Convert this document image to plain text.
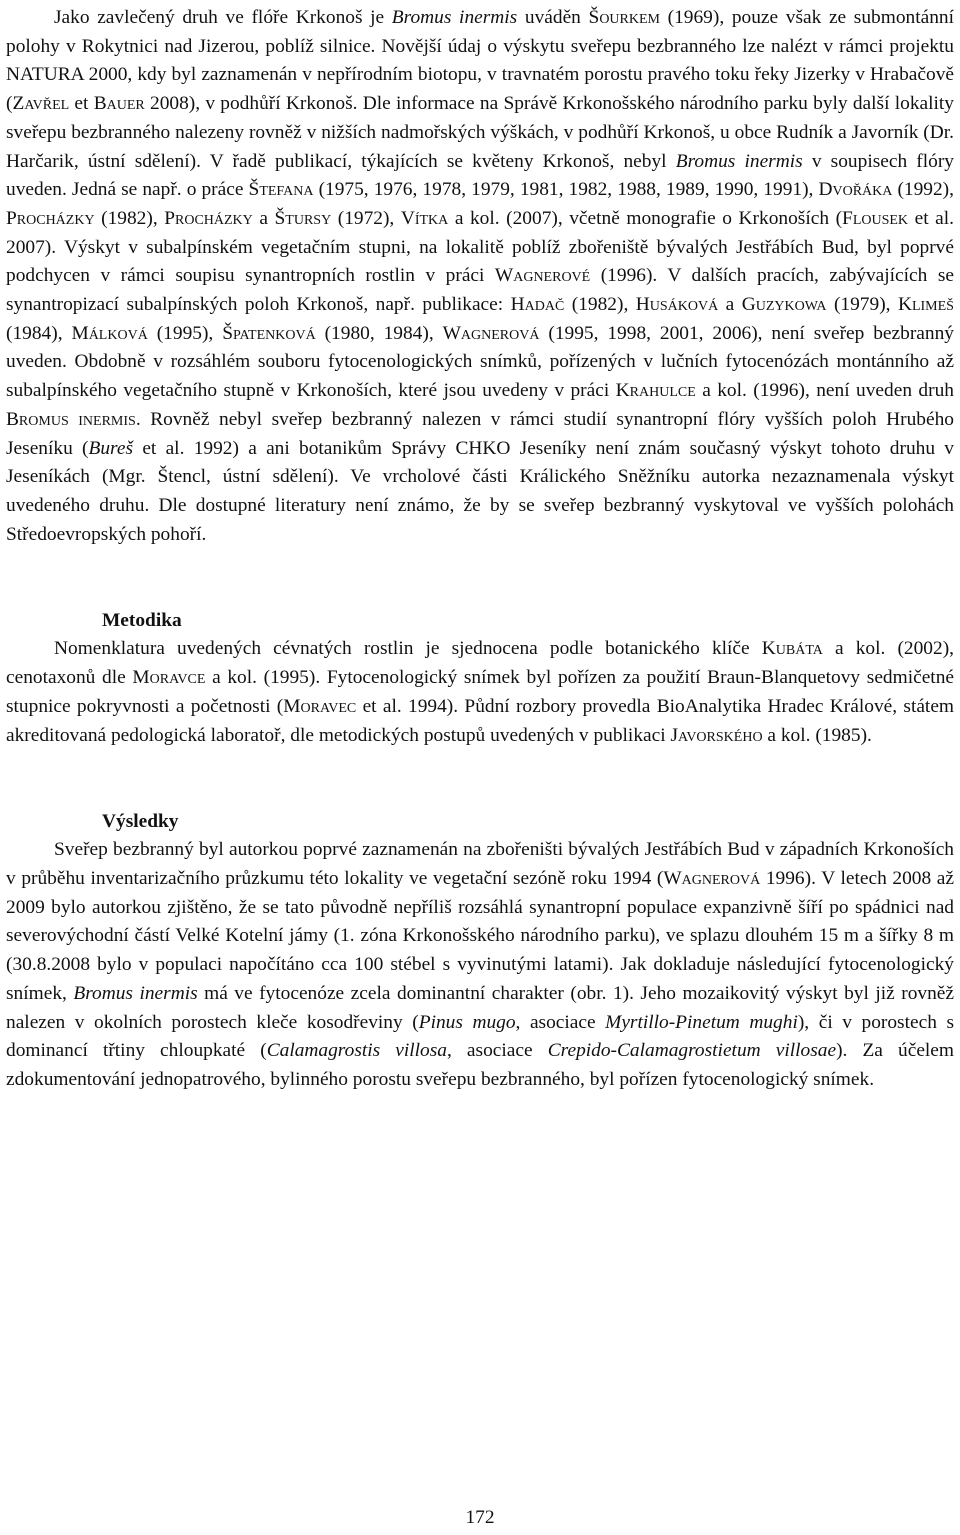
Jako zavlečený druh ve flóře Krkonoš je Bromus inermis uváděn Šourkem (1969), pouze však ze submontánní polohy v Rokytnici nad Jizerou, poblíž silnice. Novější údaj o výskytu sveřepu bezbranného lze nalézt v rámci projektu NATURA 2000, kdy byl zaznamenán v nepřírodním biotopu, v travnatém porostu pravého toku řeky Jizerky v Hrabačově (Zavřel et Bauer 2008), v podhůří Krkonoš. Dle informace na Správě Krkonošského národního parku byly další lokality sveřepu bezbranného nalezeny rovněž v nižších nadmořských výškách, v podhůří Krkonoš, u obce Rudník a Javorník (Dr. Harčarik, ústní sdělení). V řadě publikací, týkajících se květeny Krkonoš, nebyl Bromus inermis v soupisech flóry uveden. Jedná se např. o práce Štefana (1975, 1976, 1978, 1979, 1981, 1982, 1988, 1989, 1990, 1991), Dvořáka (1992), Procházky (1982), Procházky a Štursy (1972), Vítka a kol. (2007), včetně monografie o Krkonoších (Flousek et al. 2007). Výskyt v subalpínském vegetačním stupni, na lokalitě poblíž zbořeniště bývalých Jestřábích Bud, byl poprvé podchycen v rámci soupisu synantropních rostlin v práci Wagnerové (1996). V dalších pracích, zabývajících se synantropizací subalpínských poloh Krkonoš, např. publikace: Hadač (1982), Husáková a Guzykowa (1979), Klimeš (1984), Málková (1995), Špatenková (1980, 1984), Wagnerová (1995, 1998, 2001, 2006), není sveřep bezbranný uveden. Obdobně v rozsáhlém souboru fytocenologických snímků, pořízených v lučních fytocenózách montánního až subalpínského vegetačního stupně v Krkonoších, které jsou uvedeny v práci Krahulce a kol. (1996), není uveden druh Bromus inermis. Rovněž nebyl sveřep bezbranný nalezen v rámci studií synantropní flóry vyšších poloh Hrubého Jeseníku (Bureš et al. 1992) a ani botanikům Správy CHKO Jeseníky není znám současný výskyt tohoto druhu v Jeseníkách (Mgr. Štencl, ústní sdělení). Ve vrcholové části Králického Sněžníku autorka nezaznamenala výskyt uvedeného druhu. Dle dostupné literatury není známo, že by se sveřep bezbranný vyskytoval ve vyšších polohách Středoevropských pohoří.

Metodika

Nomenklatura uvedených cévnatých rostlin je sjednocena podle botanického klíče Kubáta a kol. (2002), cenotaxonů dle Moravce a kol. (1995). Fytocenologický snímek byl pořízen za použití Braun-Blanquetovy sedmičetné stupnice pokryvnosti a početnosti (Moravec et al. 1994). Půdní rozbory provedla BioAnalytika Hradec Králové, státem akreditovaná pedologická laboratoř, dle metodických postupů uvedených v publikaci Javorského a kol. (1985).

Výsledky

Sveřep bezbranný byl autorkou poprvé zaznamenán na zbořeništi bývalých Jestřábích Bud v západních Krkonoších v průběhu inventarizačního průzkumu této lokality ve vegetační sezóně roku 1994 (Wagnerová 1996). V letech 2008 až 2009 bylo autorkou zjištěno, že se tato původně nepříliš rozsáhlá synantropní populace expanzivně šíří po spádnici nad severovýchodní částí Velké Kotelní jámy (1. zóna Krkonošského národního parku), ve splazu dlouhém 15 m a šířky 8 m (30.8.2008 bylo v populaci napočítáno cca 100 stébel s vyvinutými latami). Jak dokladuje následující fytocenologický snímek, Bromus inermis má ve fytocenóze zcela dominantní charakter (obr. 1). Jeho mozaikovitý výskyt byl již rovněž nalezen v okolních porostech kleče kosodřeviny (Pinus mugo, asociace Myrtillo-Pinetum mughi), či v porostech s dominancí třtiny chloupkaté (Calamagrostis villosa, asociace Crepido-Calamagrostietum villosae). Za účelem zdokumentování jednopatrového, bylinného porostu sveřepu bezbranného, byl pořízen fytocenologický snímek.

172
